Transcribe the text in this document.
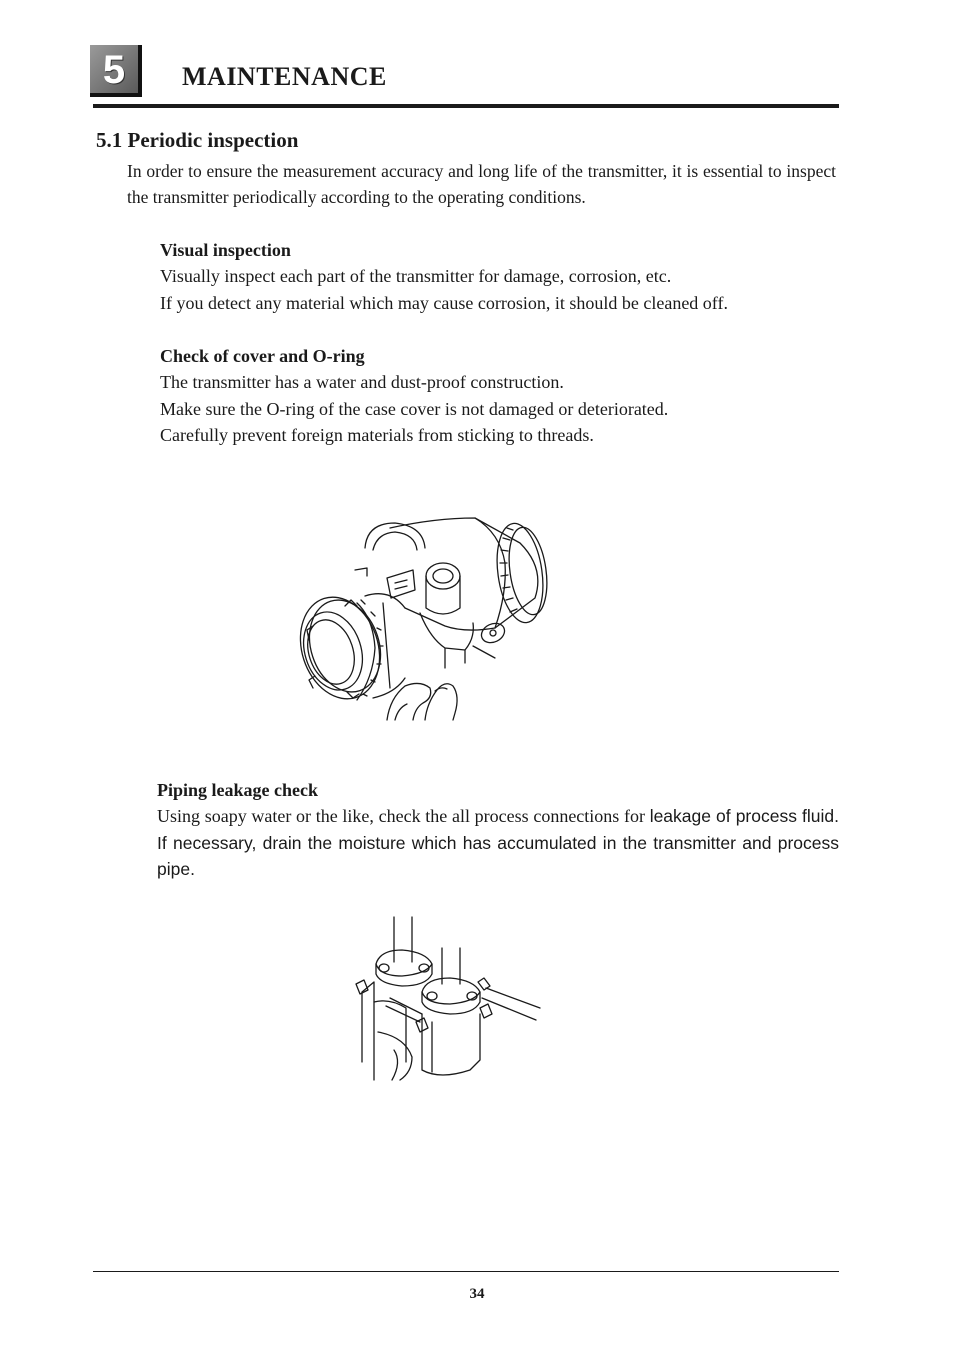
5	MAINTENANCE
5.1 Periodic inspection
In order to ensure the measurement accuracy and long life of the transmitter, it is essential to inspect the transmitter periodically according to the operating conditions.
Visual inspection

Visually inspect each part of the transmitter for damage, corrosion, etc.

If you detect any material which may cause corrosion, it should be cleaned off.

Check of cover and O-ring

The transmitter has a water and dust-proof construction.

Make sure the O-ring of the case cover is not damaged or deteriorated.

Carefully prevent foreign materials from sticking to threads.

Piping leakage check

Using soapy water or the like, check the all process connections for leakage of process fluid. If necessary, drain the moisture which has accumulated in the transmitter and process pipe.

34
